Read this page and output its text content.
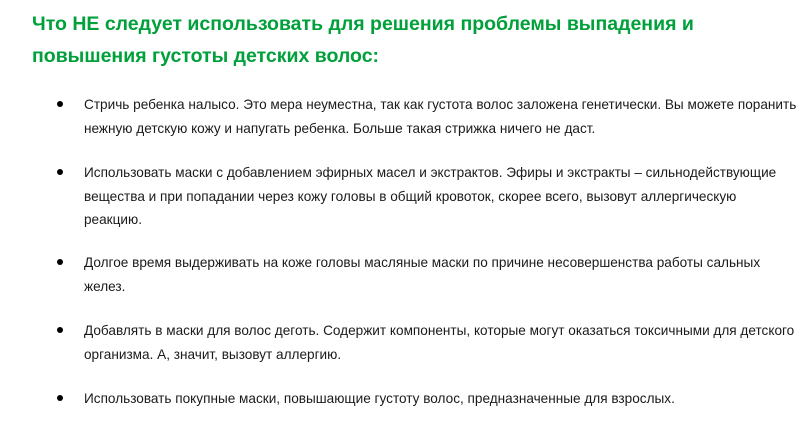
Что НЕ следует использовать для решения проблемы выпадения и повышения густоты детских волос:
Стричь ребенка налысо. Это мера неуместна, так как густота волос заложена генетически. Вы можете поранить нежную детскую кожу и напугать ребенка. Больше такая стрижка ничего не даст.
Использовать маски с добавлением эфирных масел и экстрактов. Эфиры и экстракты – сильнодействующие вещества и при попадании через кожу головы в общий кровоток, скорее всего, вызовут аллергическую реакцию.
Долгое время выдерживать на коже головы масляные маски по причине несовершенства работы сальных желез.
Добавлять в маски для волос деготь. Содержит компоненты, которые могут оказаться токсичными для детского организма. А, значит, вызовут аллергию.
Использовать покупные маски, повышающие густоту волос, предназначенные для взрослых.
